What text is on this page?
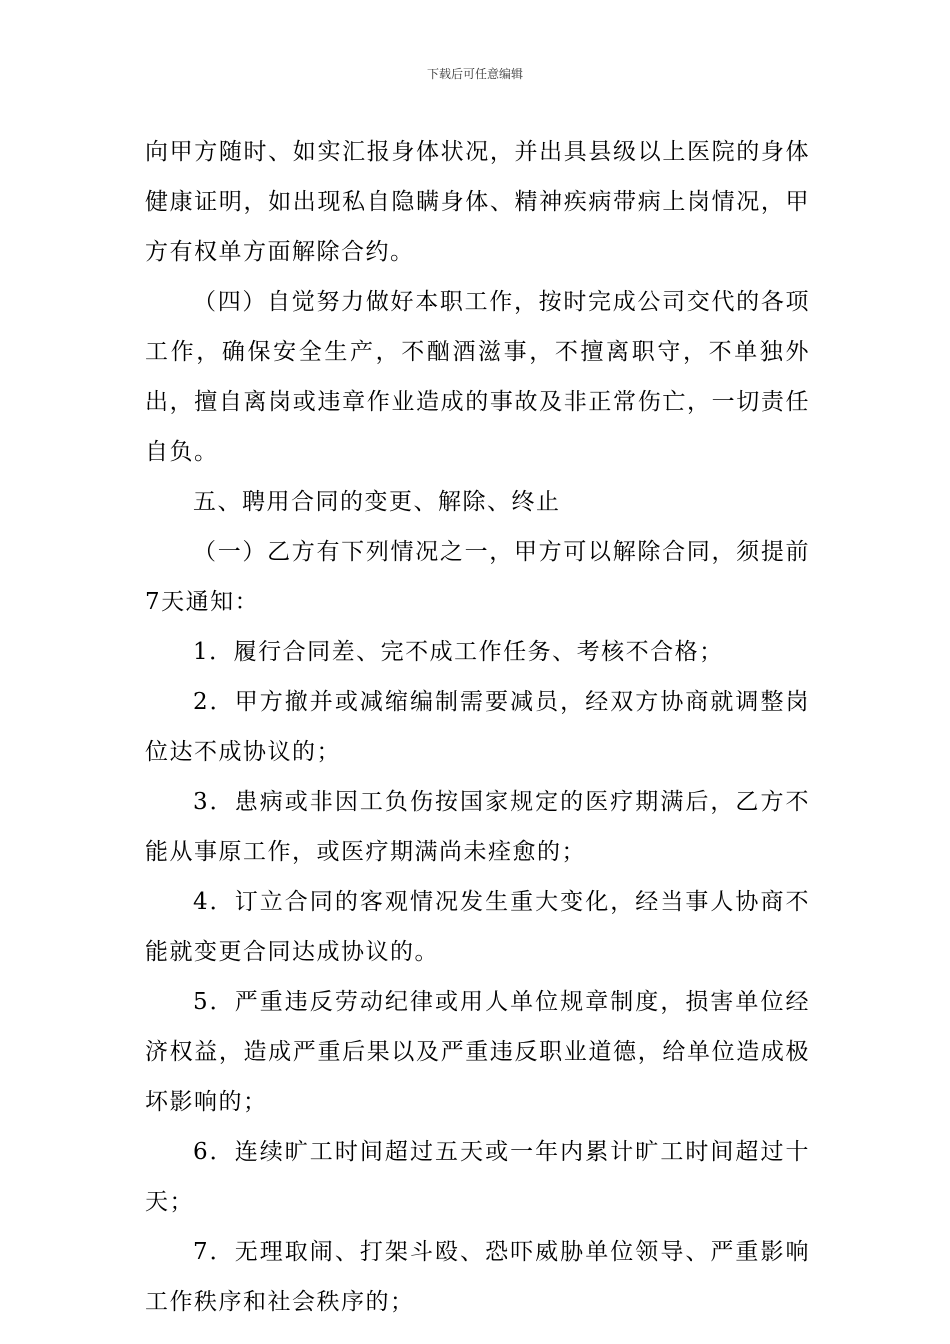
下载后可任意编辑

向甲方随时、如实汇报身体状况，并出具县级以上医院的身体健康证明，如出现私自隐瞒身体、精神疾病带病上岗情况，甲方有权单方面解除合约。

（四）自觉努力做好本职工作，按时完成公司交代的各项工作，确保安全生产，不酗酒滋事，不擅离职守，不单独外出，擅自离岗或违章作业造成的事故及非正常伤亡，一切责任自负。

五、聘用合同的变更、解除、终止

（一）乙方有下列情况之一，甲方可以解除合同，须提前7天通知：

1．履行合同差、完不成工作任务、考核不合格；

2．甲方撤并或减缩编制需要减员，经双方协商就调整岗位达不成协议的；

3．患病或非因工负伤按国家规定的医疗期满后，乙方不能从事原工作，或医疗期满尚未痊愈的；

4．订立合同的客观情况发生重大变化，经当事人协商不能就变更合同达成协议的。

5．严重违反劳动纪律或用人单位规章制度，损害单位经济权益，造成严重后果以及严重违反职业道德，给单位造成极坏影响的；

6．连续旷工时间超过五天或一年内累计旷工时间超过十天；

7．无理取闹、打架斗殴、恐吓威胁单位领导、严重影响工作秩序和社会秩序的；
